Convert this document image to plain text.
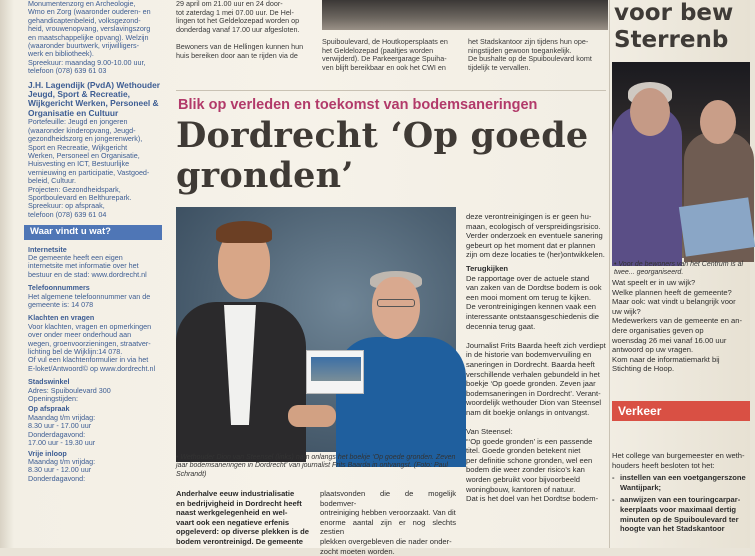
Monumentenzorg en Archeologie,
Wmo en Zorg (waaronder ouderen- en
gehandicaptenbeleid, volksgezond-
heid, vrouwenopvang, verslavingszorg
en maatschappelijke opvang). Welzijn
(waaronder buurtwerk, vrijwilligers-
werk en bibliotheek).
Spreekuur: maandag 9.00-10.00 uur,
telefoon (078) 639 61 03
J.H. Lagendijk (PvdA) Wethouder Jeugd, Sport & Recreatie, Wijkgericht Werken, Personeel & Organisatie en Cultuur
Portefeuille: Jeugd en jongeren
(waaronder kinderopvang, Jeugd-
gezondheidszorg en jongerenwerk),
Sport en Recreatie, Wijkgericht
Werken, Personeel en Organisatie,
Huisvesting en ICT, Bestuurlijke
vernieuwing en participatie, Vastgoed-
beleid, Cultuur.
Projecten: Gezondheidspark,
Sportboulevard en Belthurepark.
Spreekuur: op afspraak,
telefoon (078) 639 61 04
Waar vindt u wat?
Internetsite
De gemeente heeft een eigen
internetsite met informatie over het
bestuur en de stad: www.dordrecht.nl
Telefoonnummers
Het algemene telefoonnummer van de
gemeente is: 14 078
Klachten en vragen
Voor klachten, vragen en opmerkingen
over onder meer onderhoud aan
wegen, groenvoorzieningen, straatver-
lichting bel de Wijklijn:14 078.
Of vul een klachtenformulier in via het
E-loket/Antwoord© op www.dordrecht.nl
Stadswinkel
Adres: Spuiboulevard 300
Openingstijden:
Op afspraak
Maandag t/m vrijdag:
8.30 uur - 17.00 uur
Donderdagavond:
17.00 uur - 19.30 uur
Vrije inloop
Maandag t/m vrijdag:
8.30 uur - 12.00 uur
Donderdagavond:
29 april om 21.00 uur en 24 door-
tot zaterdag 1 mei 07.00 uur. De Hel-
lingen tot het Geldelozepad worden op
donderdag vanaf 17.00 uur afgesloten.

Bewoners van de Hellingen kunnen hun
huis bereiken door aan te rijden via de
Spuiboulevard, de Houtkopersplaats en
het Geldelozepad (paaltjes worden
verwijderd). De Parkeergarage Spuiha-
ven blijft bereikbaar en ook het CWI en
het Stadskantoor zijn tijdens hun ope-
ningstijden gewoon toegankelijk.
De bushalte op de Spuiboulevard komt
tijdelijk te vervallen.
Blik op verleden en toekomst van bodemsaneringen
Dordrecht ‘Op goede gronden’
• Wethouder Dion van Steensel (links) nam onlangs het boekje ‘Op goede gronden. Zeven jaar bodemsaneringen in Dordrecht’ van journalist Frits Baarda in ontvangst. (Foto: Paul Schrandt)
Anderhalve eeuw industrialisatie
en bedrijvigheid in Dordrecht heeft
naast werkgelegenheid en wel-
vaart ook een negatieve erfenis
opgeleverd: op diverse plekken is de
bodem verontreinigd. De gemeente
plaatsvonden die de mogelijk bodemver-
ontreiniging hebben veroorzaakt. Van dit
enorme aantal zijn er nog slechts zestien
plekken overgebleven die nader onder-
zocht moeten worden.
deze verontreinigingen is er geen hu-
maan, ecologisch of verspreidingsrisico.
Verder onderzoek en eventuele sanering
gebeurt op het moment dat er plannen
zijn om deze locaties te (her)ontwikkelen.
Terugkijken
De rapportage over de actuele stand
van zaken van de Dordtse bodem is ook
een mooi moment om terug te kijken.
De verontreinigingen kennen vaak een
interessante ontstaansgeschiedenis die
decennia terug gaat.

Journalist Frits Baarda heeft zich verdiept
in de historie van bodemvervuiling en
saneringen in Dordrecht. Baarda heeft
verschillende verhalen gebundeld in het
boekje ‘Op goede gronden. Zeven jaar
bodemsaneringen in Dordrecht’. Verant-
woordelijk wethouder Dion van Steensel
nam dit boekje onlangs in ontvangst.

Van Steensel:
“‘Op goede gronden’ is een passende
titel. Goede gronden betekent niet
per definitie schone gronden, wel een
bodem die weer zonder risico’s kan
worden gebruikt voor bijvoorbeeld
woningbouw, kantoren of natuur.
Dat is het doel van het Dordtse bodem-
voor bew Sterrenb
• Voor de bewoners van het Centrum is al twee... georganiseerd.
Wat speelt er in uw wijk?
Welke plannen heeft de gemeente?
Maar ook: wat vindt u belangrijk voor
uw wijk?
Medewerkers van de gemeente en an-
dere organisaties geven op
woensdag 26 mei vanaf 16.00 uur
antwoord op uw vragen.
Kom naar de informatiemarkt bij
Stichting de Hoop.
Verkeer
Het college van burgemeester en weth-
houders heeft besloten tot het:
- instellen van een voetgangerszone Wantijpark;
- aanwijzen van een touringcarpar-keerplaats voor maximaal dertig minuten op de Spuiboulevard ter hoogte van het Stadskantoor
